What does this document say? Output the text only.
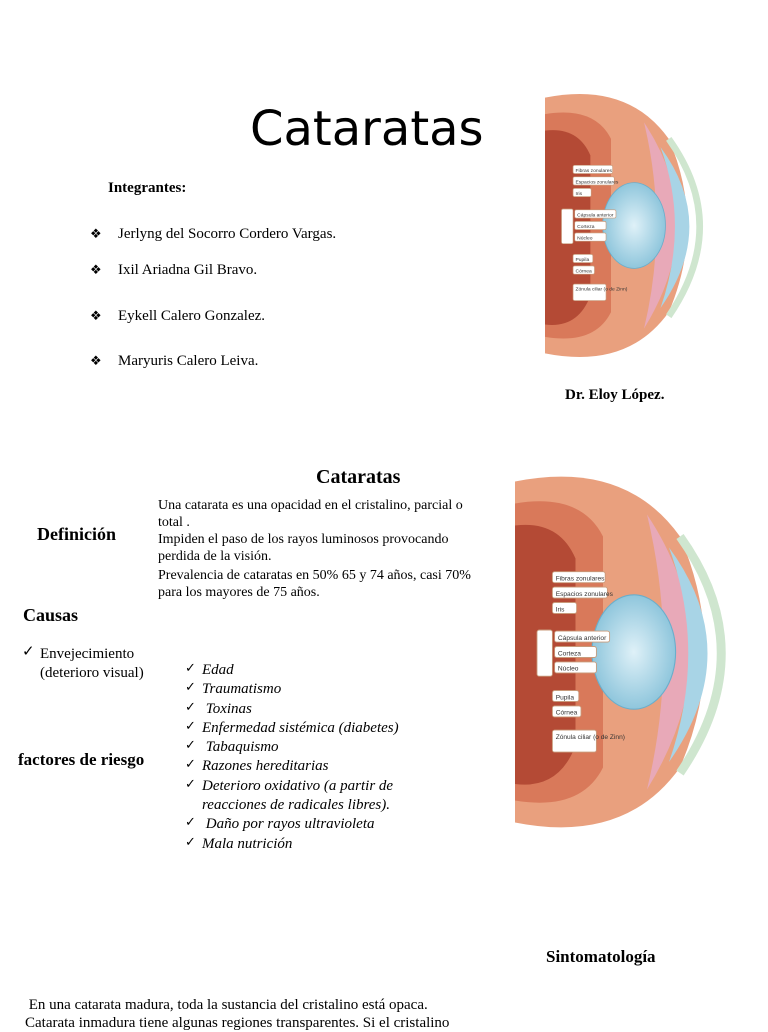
Cataratas
Integrantes:
❖ Jerlyng del Socorro Cordero Vargas.
❖ Ixil Ariadna Gil Bravo.
❖ Eykell Calero Gonzalez.
❖ Maryuris Calero Leiva.
Fibras zonulares
Espacios zonulares
Iris
Cápsula anterior
Corteza
Núcleo
Pupila
Córnea
Zónula ciliar (o de Zinn)
Dr. Eloy López.
Cataratas
Definición
Una catarata es una opacidad en el cristalino, parcial o total .
Impiden el paso de los rayos luminosos provocando perdida de la visión.
Prevalencia de cataratas en 50% 65 y 74 años, casi 70% para los mayores de 75 años.
Causas
✓ Envejecimiento (deterioro visual)
factores de riesgo
✓ Edad
✓ Traumatismo
✓ Toxinas
✓ Enfermedad sistémica (diabetes)
✓ Tabaquismo
✓ Razones hereditarias
✓ Deterioro oxidativo (a partir de reacciones de radicales libres).
✓ Daño por rayos ultravioleta
✓ Mala nutrición
Fibras zonulares
Espacios zonulares
Iris
Cápsula anterior
Corteza
Núcleo
Pupila
Córnea
Zónula ciliar (o de Zinn)
Sintomatología
En una catarata madura, toda la sustancia del cristalino está opaca.
Catarata inmadura tiene algunas regiones transparentes. Si el cristalino
